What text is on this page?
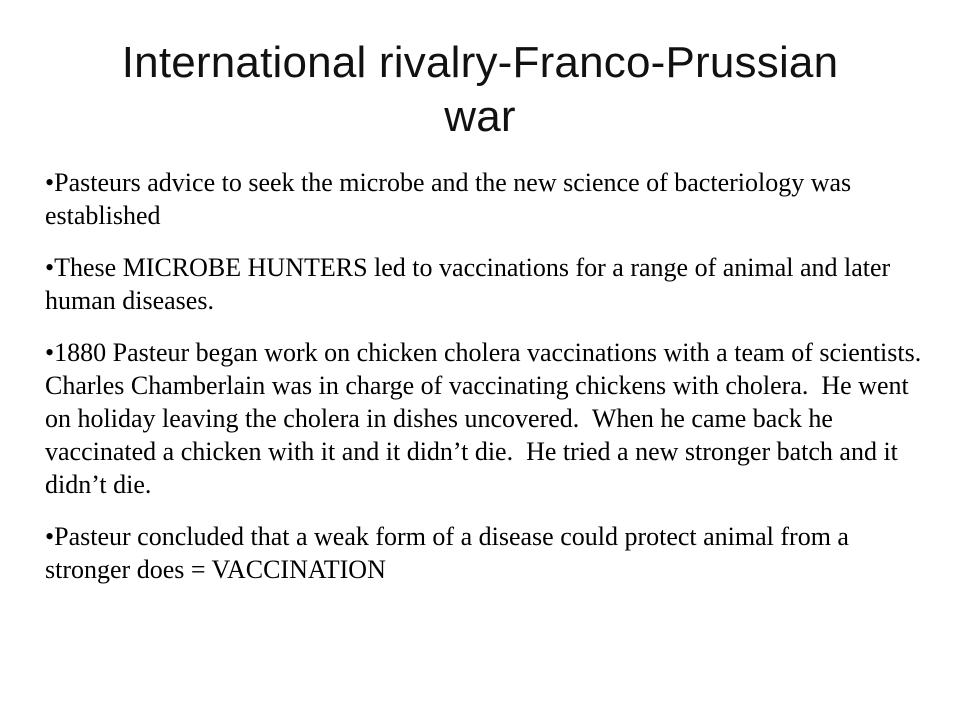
International rivalry-Franco-Prussian war

•Pasteurs advice to seek the microbe and the new science of bacteriology was established

•These MICROBE HUNTERS led to vaccinations for a range of animal and later human diseases.

•1880 Pasteur began work on chicken cholera vaccinations with a team of scientists.  Charles Chamberlain was in charge of vaccinating chickens with cholera.  He went on holiday leaving the cholera in dishes uncovered.  When he came back he vaccinated a chicken with it and it didn’t die.  He tried a new stronger batch and it didn’t die.

•Pasteur concluded that a weak form of a disease could protect animal from a stronger does = VACCINATION
